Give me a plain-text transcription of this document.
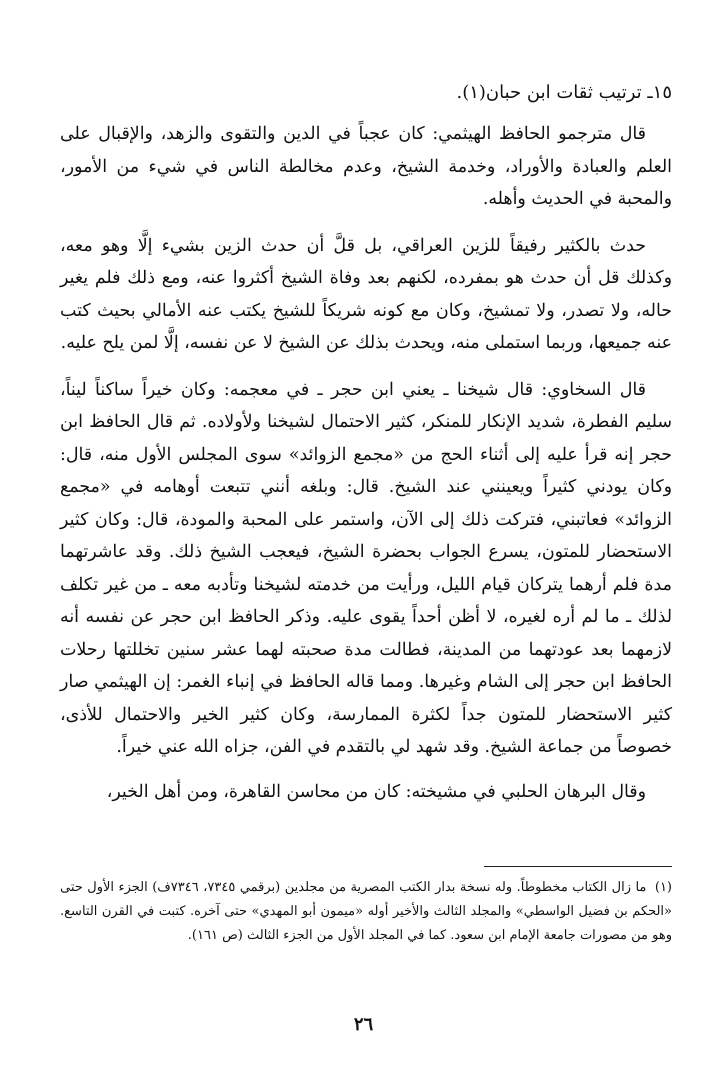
١٥ـ ترتيب ثقات ابن حبان(١).

قال مترجمو الحافظ الهيثمي: كان عجباً في الدين والتقوى والزهد، والإقبال على العلم والعبادة والأوراد، وخدمة الشيخ، وعدم مخالطة الناس في شيء من الأمور، والمحبة في الحديث وأهله.

حدث بالكثير رفيقاً للزين العراقي، بل قلَّ أن حدث الزين بشيء إلَّا وهو معه، وكذلك قل أن حدث هو بمفرده، لكنهم بعد وفاة الشيخ أكثروا عنه، ومع ذلك فلم يغير حاله، ولا تصدر، ولا تمشيخ، وكان مع كونه شريكاً للشيخ يكتب عنه الأمالي بحيث كتب عنه جميعها، وربما استملى منه، ويحدث بذلك عن الشيخ لا عن نفسه، إلَّا لمن يلح عليه.

قال السخاوي: قال شيخنا ـ يعني ابن حجر ـ في معجمه: وكان خيراً ساكناً ليناً، سليم الفطرة، شديد الإنكار للمنكر، كثير الاحتمال لشيخنا ولأولاده. ثم قال الحافظ ابن حجر إنه قرأ عليه إلى أثناء الحج من «مجمع الزوائد» سوى المجلس الأول منه، قال: وكان يودني كثيراً ويعينني عند الشيخ. قال: وبلغه أنني تتبعت أوهامه في «مجمع الزوائد» فعاتبني، فتركت ذلك إلى الآن، واستمر على المحبة والمودة، قال: وكان كثير الاستحضار للمتون، يسرع الجواب بحضرة الشيخ، فيعجب الشيخ ذلك. وقد عاشرتهما مدة فلم أرهما يتركان قيام الليل، ورأيت من خدمته لشيخنا وتأدبه معه ـ من غير تكلف لذلك ـ ما لم أره لغيره، لا أظن أحداً يقوى عليه. وذكر الحافظ ابن حجر عن نفسه أنه لازمهما بعد عودتهما من المدينة، فطالت مدة صحبته لهما عشر سنين تخللتها رحلات الحافظ ابن حجر إلى الشام وغيرها. ومما قاله الحافظ في إنباء الغمر: إن الهيثمي صار كثير الاستحضار للمتون جداً لكثرة الممارسة، وكان كثير الخير والاحتمال للأذى، خصوصاً من جماعة الشيخ. وقد شهد لي بالتقدم في الفن، جزاه الله عني خيراً.

وقال البرهان الحلبي في مشيخته: كان من محاسن القاهرة، ومن أهل الخير،

(١) ما زال الكتاب مخطوطاً. وله نسخة بدار الكتب المصرية من مجلدين (برقمي ٧٣٤٥، ٧٣٤٦ف) الجزء الأول حتى «الحكم بن فضيل الواسطي» والمجلد الثالث والأخير أوله «ميمون أبو المهدي» حتى آخره. كتبت في القرن التاسع. وهو من مصورات جامعة الإمام ابن سعود. كما في المجلد الأول من الجزء الثالث (ص ١٦١).
٢٦
